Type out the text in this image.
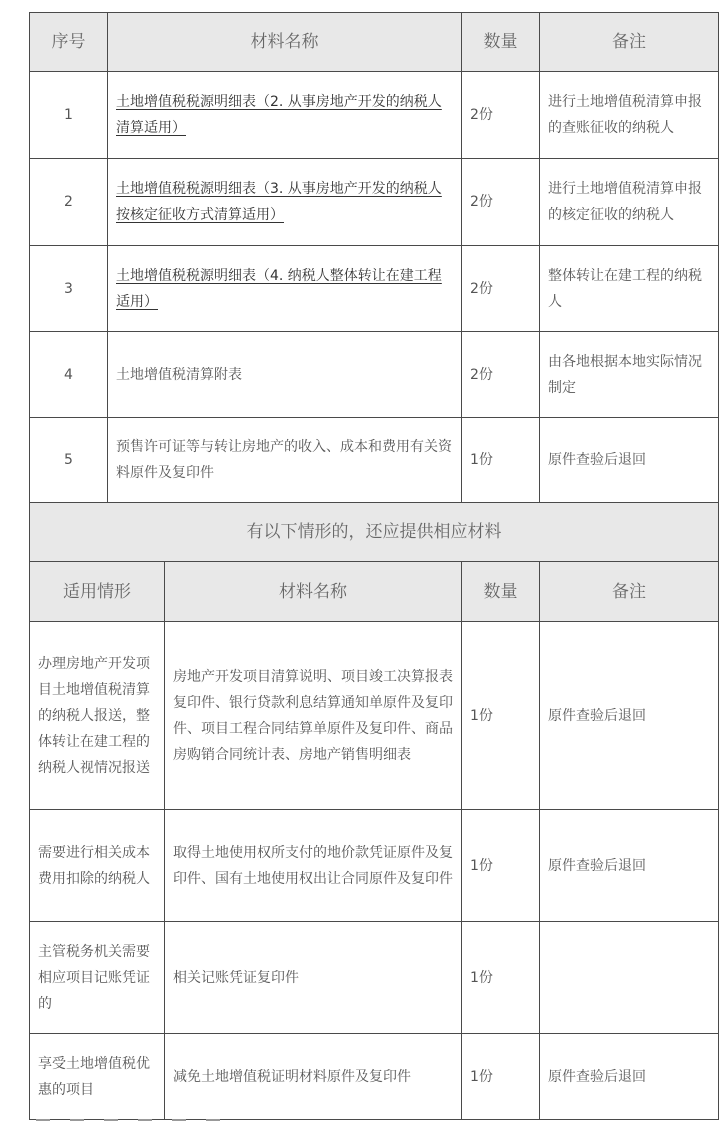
序号	材料名称	数量	备注
1	土地增值税税源明细表（2. 从事房地产开发的纳税人清算适用）	2份	进行土地增值税清算申报的查账征收的纳税人
2	土地增值税税源明细表（3. 从事房地产开发的纳税人按核定征收方式清算适用）	2份	进行土地增值税清算申报的核定征收的纳税人
3	土地增值税税源明细表（4. 纳税人整体转让在建工程适用）	2份	整体转让在建工程的纳税人
4	土地增值税清算附表	2份	由各地根据本地实际情况制定
5	预售许可证等与转让房地产的收入、成本和费用有关资料原件及复印件	1份	原件查验后退回
有以下情形的，还应提供相应材料			
适用情形	材料名称	数量	备注
办理房地产开发项目土地增值税清算的纳税人报送，整体转让在建工程的纳税人视情况报送	房地产开发项目清算说明、项目竣工决算报表复印件、银行贷款利息结算通知单原件及复印件、项目工程合同结算单原件及复印件、商品房购销合同统计表、房地产销售明细表	1份	原件查验后退回
需要进行相关成本费用扣除的纳税人	取得土地使用权所支付的地价款凭证原件及复印件、国有土地使用权出让合同原件及复印件	1份	原件查验后退回
主管税务机关需要相应项目记账凭证的	相关记账凭证复印件	1份	
享受土地增值税优惠的项目	减免土地增值税证明材料原件及复印件	1份	原件查验后退回
